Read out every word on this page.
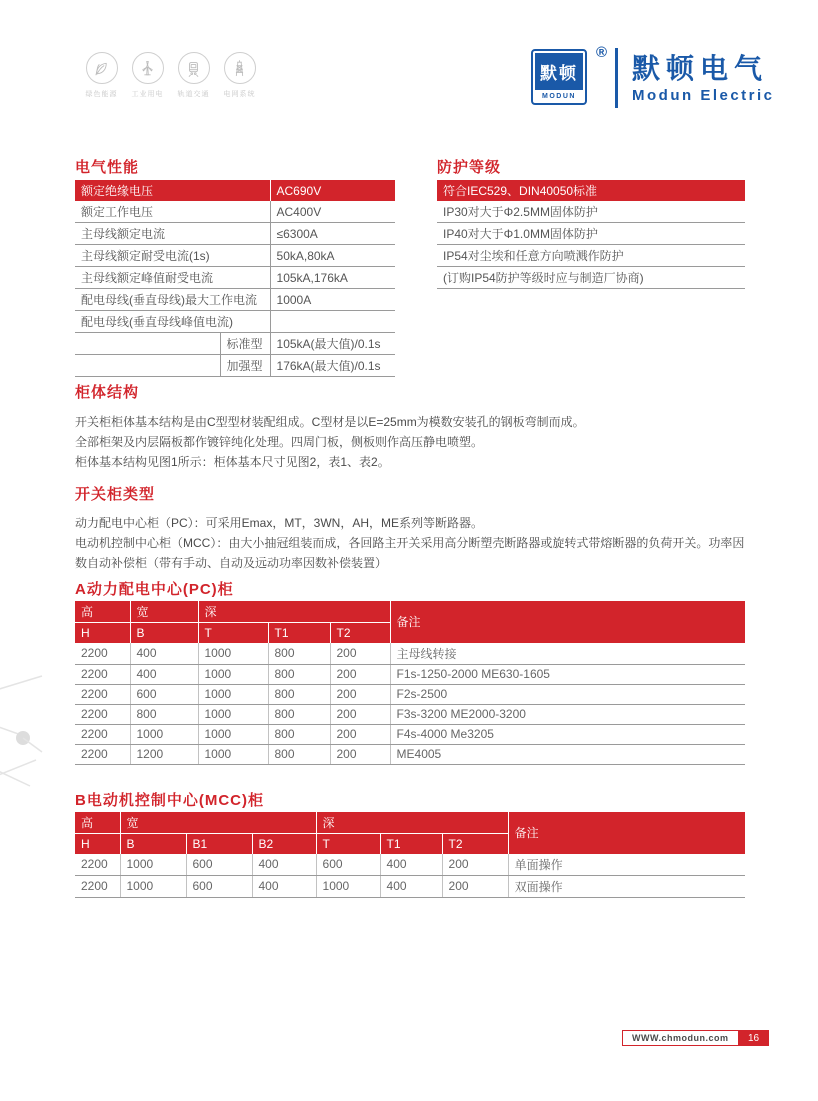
绿色能源	工业用电	轨道交通	电网系统
默顿
MODUN
® 默顿电气
Modun Electric
电气性能
额定绝缘电压		AC690V
额定工作电压		AC400V
主母线额定电流		≤6300A
主母线额定耐受电流(1s)		50kA,80kA
主母线额定峰值耐受电流		105kA,176kA
配电母线(垂直母线)最大工作电流		1000A
配电母线(垂直母线峰值电流)		
	标准型	105kA(最大值)/0.1s
	加强型	176kA(最大值)/0.1s
防护等级
符合IEC529、DIN40050标准
IP30对大于Φ2.5MM固体防护
IP40对大于Φ1.0MM固体防护
IP54对尘埃和任意方向喷溅作防护
(订购IP54防护等级时应与制造厂协商)
柜体结构
开关柜柜体基本结构是由C型型材装配组成。C型材是以E=25mm为模数安装孔的钢板弯制而成。
全部柜架及内层隔板都作镀锌纯化处理。四周门板，侧板则作高压静电喷塑。
柜体基本结构见图1所示：柜体基本尺寸见图2，表1、表2。
开关柜类型
动力配电中心柜（PC）：可采用Emax，MT，3WN，AH，ME系列等断路器。
电动机控制中心柜（MCC）：由大小抽冠组装而成，各回路主开关采用高分断塑壳断路器或旋转式带熔断器的负荷开关。功率因数自动补偿柜（带有手动、自动及远动功率因数补偿装置）
A动力配电中心(PC)柜
高	宽	深			备注
H	B	T	T1	T2	
2200	400	1000	800	200	主母线转接
2200	400	1000	800	200	F1s-1250-2000 ME630-1605
2200	600	1000	800	200	F2s-2500
2200	800	1000	800	200	F3s-3200 ME2000-3200
2200	1000	1000	800	200	F4s-4000 Me3205
2200	1200	1000	800	200	ME4005
B电动机控制中心(MCC)柜
高	宽			深			备注
H	B	B1	B2	T	T1	T2	
2200	1000	600	400	600	400	200	单面操作
2200	1000	600	400	1000	400	200	双面操作
WWW.chmodun.com	16
